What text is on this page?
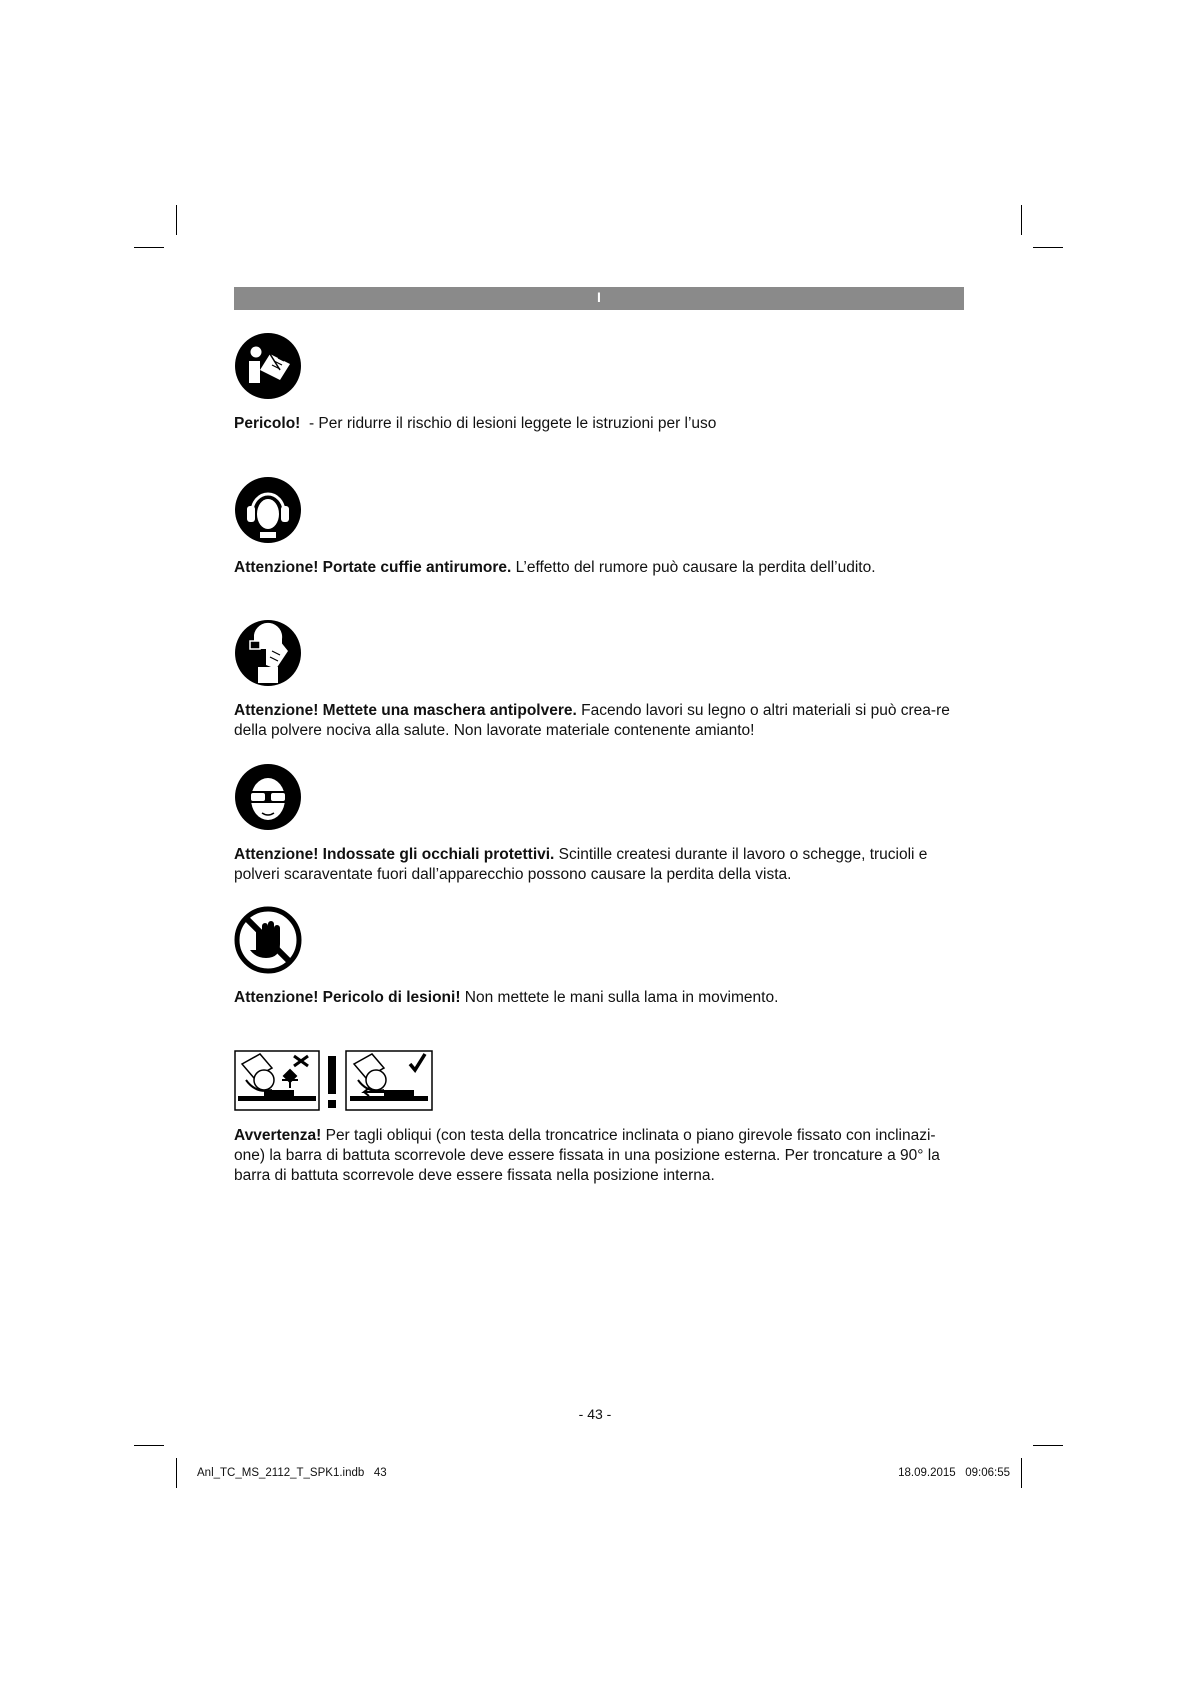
I
Pericolo!  - Per ridurre il rischio di lesioni leggete le istruzioni per l’uso
Attenzione! Portate cuffie antirumore. L’effetto del rumore può causare la perdita dell’udito.
Attenzione! Mettete una maschera antipolvere. Facendo lavori su legno o altri materiali si può crea-re della polvere nociva alla salute. Non lavorate materiale contenente amianto!
Attenzione! Indossate gli occhiali protettivi. Scintille createsi durante il lavoro o schegge, trucioli e polveri scaraventate fuori dall’apparecchio possono causare la perdita della vista.
Attenzione! Pericolo di lesioni! Non mettete le mani sulla lama in movimento.
Avvertenza! Per tagli obliqui (con testa della troncatrice inclinata o piano girevole fissato con inclinazi-one) la barra di battuta scorrevole deve essere fissata in una posizione esterna. Per troncature a 90° la barra di battuta scorrevole deve essere fissata nella posizione interna.
- 43 -
Anl_TC_MS_2112_T_SPK1.indb   43	18.09.2015   09:06:55
